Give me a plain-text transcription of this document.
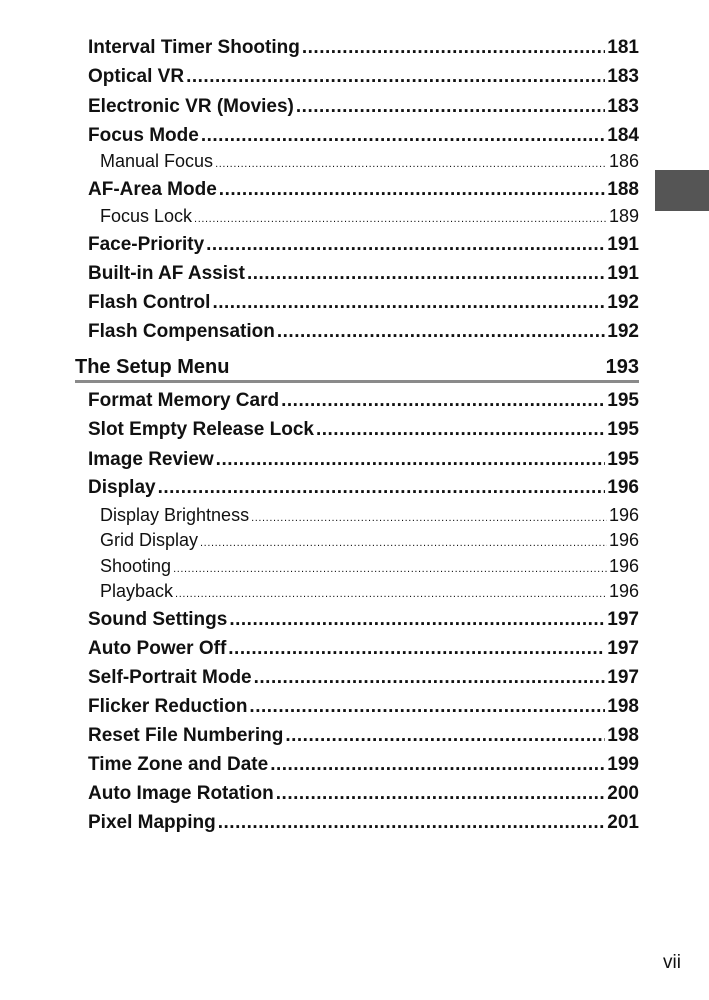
Interval Timer Shooting .....	181
Optical VR .....	183
Electronic VR (Movies) .....	183
Focus Mode .....	184
Manual Focus .....	186
AF-Area Mode .....	188
Focus Lock .....	189
Face-Priority .....	191
Built-in AF Assist .....	191
Flash Control .....	192
Flash Compensation .....	192
The Setup Menu	193
Format Memory Card .....	195
Slot Empty Release Lock .....	195
Image Review .....	195
Display .....	196
Display Brightness .....	196
Grid Display .....	196
Shooting .....	196
Playback .....	196
Sound Settings .....	197
Auto Power Off .....	197
Self-Portrait Mode .....	197
Flicker Reduction .....	198
Reset File Numbering .....	198
Time Zone and Date .....	199
Auto Image Rotation .....	200
Pixel Mapping .....	201
vii
